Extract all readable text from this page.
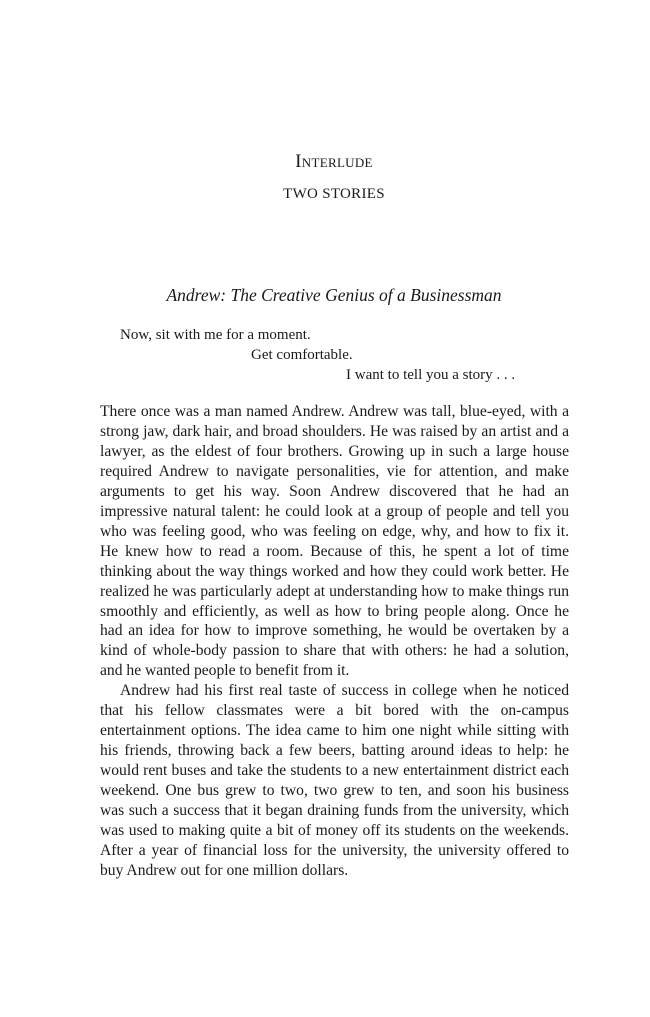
Interlude
TWO STORIES
Andrew: The Creative Genius of a Businessman
Now, sit with me for a moment.
Get comfortable.
I want to tell you a story . . .

There once was a man named Andrew. Andrew was tall, blue-eyed, with a strong jaw, dark hair, and broad shoulders. He was raised by an artist and a lawyer, as the eldest of four brothers. Growing up in such a large house required Andrew to navigate personalities, vie for attention, and make arguments to get his way. Soon Andrew discovered that he had an impressive natural talent: he could look at a group of people and tell you who was feeling good, who was feeling on edge, why, and how to fix it. He knew how to read a room. Because of this, he spent a lot of time thinking about the way things worked and how they could work better. He realized he was particularly adept at understanding how to make things run smoothly and efficiently, as well as how to bring people along. Once he had an idea for how to improve something, he would be overtaken by a kind of whole-body passion to share that with others: he had a solution, and he wanted people to benefit from it.

Andrew had his first real taste of success in college when he noticed that his fellow classmates were a bit bored with the on-campus entertainment options. The idea came to him one night while sitting with his friends, throwing back a few beers, batting around ideas to help: he would rent buses and take the students to a new entertainment district each weekend. One bus grew to two, two grew to ten, and soon his business was such a success that it began draining funds from the university, which was used to making quite a bit of money off its students on the weekends. After a year of financial loss for the university, the university offered to buy Andrew out for one million dollars.
